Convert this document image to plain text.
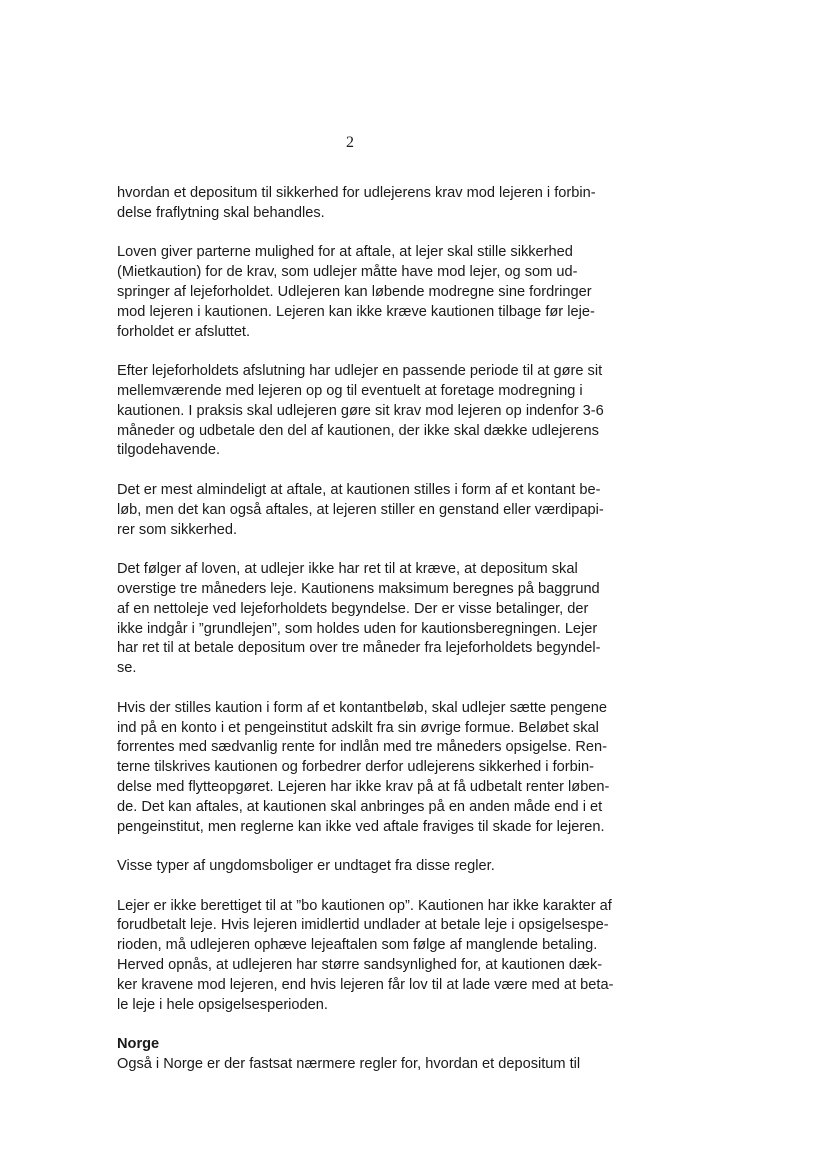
2
hvordan et depositum til sikkerhed for udlejerens krav mod lejeren i forbin-
delse fraflytning skal behandles.
Loven giver parterne mulighed for at aftale, at lejer skal stille sikkerhed
(Mietkaution) for de krav, som udlejer måtte have mod lejer, og som ud-
springer af lejeforholdet. Udlejeren kan løbende modregne sine fordringer
mod lejeren i kautionen. Lejeren kan ikke kræve kautionen tilbage før leje-
forholdet er afsluttet.
Efter lejeforholdets afslutning har udlejer en passende periode til at gøre sit
mellemværende med lejeren op og til eventuelt at foretage modregning i
kautionen. I praksis skal udlejeren gøre sit krav mod lejeren op indenfor 3-6
måneder og udbetale den del af kautionen, der ikke skal dække udlejerens
tilgodehavende.
Det er mest almindeligt at aftale, at kautionen stilles i form af et kontant be-
løb, men det kan også aftales, at lejeren stiller en genstand eller værdipapi-
rer som sikkerhed.
Det følger af loven, at udlejer ikke har ret til at kræve, at depositum skal
overstige tre måneders leje. Kautionens maksimum beregnes på baggrund
af en nettoleje ved lejeforholdets begyndelse. Der er visse betalinger, der
ikke indgår i ”grundlejen”, som holdes uden for kautionsberegningen. Lejer
har ret til at betale depositum over tre måneder fra lejeforholdets begyndel-
se.
Hvis der stilles kaution i form af et kontantbeløb, skal udlejer sætte pengene
ind på en konto i et pengeinstitut adskilt fra sin øvrige formue. Beløbet skal
forrentes med sædvanlig rente for indlån med tre måneders opsigelse. Ren-
terne tilskrives kautionen og forbedrer derfor udlejerens sikkerhed i forbin-
delse med flytteopgøret. Lejeren har ikke krav på at få udbetalt renter løben-
de. Det kan aftales, at kautionen skal anbringes på en anden måde end i et
pengeinstitut, men reglerne kan ikke ved aftale fraviges til skade for lejeren.
Visse typer af ungdomsboliger er undtaget fra disse regler.
Lejer er ikke berettiget til at ”bo kautionen op”. Kautionen har ikke karakter af
forudbetalt leje. Hvis lejeren imidlertid undlader at betale leje i opsigelsespe-
rioden, må udlejeren ophæve lejeaftalen som følge af manglende betaling.
Herved opnås, at udlejeren har større sandsynlighed for, at kautionen dæk-
ker kravene mod lejeren, end hvis lejeren får lov til at lade være med at beta-
le leje i hele opsigelsesperioden.
Norge
Også i Norge er der fastsat nærmere regler for, hvordan et depositum til
